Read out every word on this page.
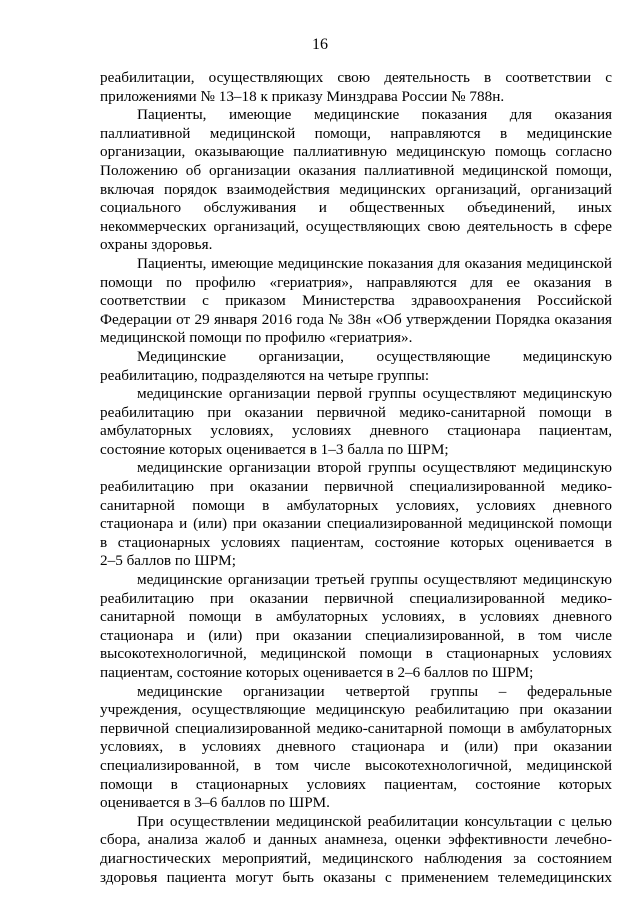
16
реабилитации, осуществляющих свою деятельность в соответствии с
приложениями № 13–18 к приказу Минздрава России № 788н.
Пациенты, имеющие медицинские показания для оказания
паллиативной медицинской помощи, направляются в медицинские
организации, оказывающие паллиативную медицинскую помощь согласно
Положению об организации оказания паллиативной медицинской помощи,
включая порядок взаимодействия медицинских организаций, организаций
социального обслуживания и общественных объединений, иных
некоммерческих организаций, осуществляющих свою деятельность в сфере
охраны здоровья.
Пациенты, имеющие медицинские показания для оказания медицинской
помощи по профилю «гериатрия», направляются для ее оказания в
соответствии с приказом Министерства здравоохранения Российской
Федерации от 29 января 2016 года № 38н «Об утверждении Порядка оказания
медицинской помощи по профилю «гериатрия».
Медицинские организации, осуществляющие медицинскую
реабилитацию, подразделяются на четыре группы:
медицинские организации первой группы осуществляют медицинскую
реабилитацию при оказании первичной медико-санитарной помощи в
амбулаторных условиях, условиях дневного стационара пациентам,
состояние которых оценивается в 1–3 балла по ШРМ;
медицинские организации второй группы осуществляют медицинскую
реабилитацию при оказании первичной специализированной медико-
санитарной помощи в амбулаторных условиях, условиях дневного
стационара и (или) при оказании специализированной медицинской помощи
в стационарных условиях пациентам, состояние которых оценивается в
2–5 баллов по ШРМ;
медицинские организации третьей группы осуществляют медицинскую
реабилитацию при оказании первичной специализированной медико-
санитарной помощи в амбулаторных условиях, в условиях дневного
стационара и (или) при оказании специализированной, в том числе
высокотехнологичной, медицинской помощи в стационарных условиях
пациентам, состояние которых оценивается в 2–6 баллов по ШРМ;
медицинские организации четвертой группы – федеральные
учреждения, осуществляющие медицинскую реабилитацию при оказании
первичной специализированной медико-санитарной помощи в амбулаторных
условиях, в условиях дневного стационара и (или) при оказании
специализированной, в том числе высокотехнологичной, медицинской
помощи в стационарных условиях пациентам, состояние которых
оценивается в 3–6 баллов по ШРМ.
При осуществлении медицинской реабилитации консультации с целью
сбора, анализа жалоб и данных анамнеза, оценки эффективности лечебно-
диагностических мероприятий, медицинского наблюдения за состоянием
здоровья пациента могут быть оказаны с применением телемедицинских
